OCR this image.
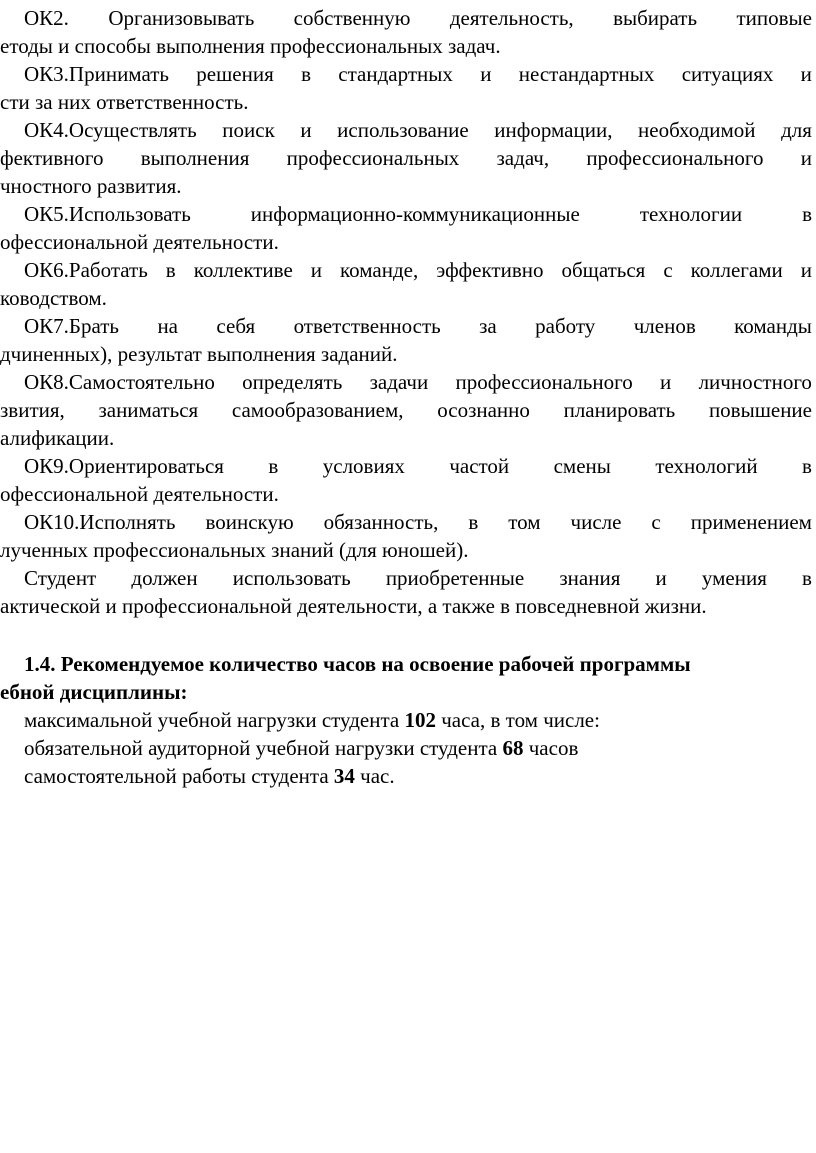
ОК2. Организовывать собственную деятельность, выбирать типовые
етоды и способы выполнения профессиональных задач.
ОК3.Принимать решения в стандартных и нестандартных ситуациях и
сти за них ответственность.
ОК4.Осуществлять поиск и использование информации, необходимой для
фективного выполнения профессиональных задач, профессионального и
чностного развития.
ОК5.Использовать	информационно-коммуникационные	технологии	в
офессиональной деятельности.
ОК6.Работать в коллективе и команде, эффективно общаться с коллегами и
ководством.
ОК7.Брать на себя ответственность за работу членов команды
дчиненных), результат выполнения заданий.
ОК8.Самостоятельно определять задачи профессионального и личностного
звития, заниматься самообразованием, осознанно планировать повышение
алификации.
ОК9.Ориентироваться в условиях частой смены технологий в
офессиональной деятельности.
ОК10.Исполнять воинскую обязанность, в том числе с применением
лученных профессиональных знаний (для юношей).
Студент должен использовать приобретенные знания и умения в
актической и профессиональной деятельности, а также в повседневной жизни.
1.4. Рекомендуемое количество часов на освоение рабочей программы
ебной дисциплины:
максимальной учебной нагрузки студента 102 часа, в том числе:
обязательной аудиторной учебной нагрузки студента 68 часов
самостоятельной работы студента 34 час.
